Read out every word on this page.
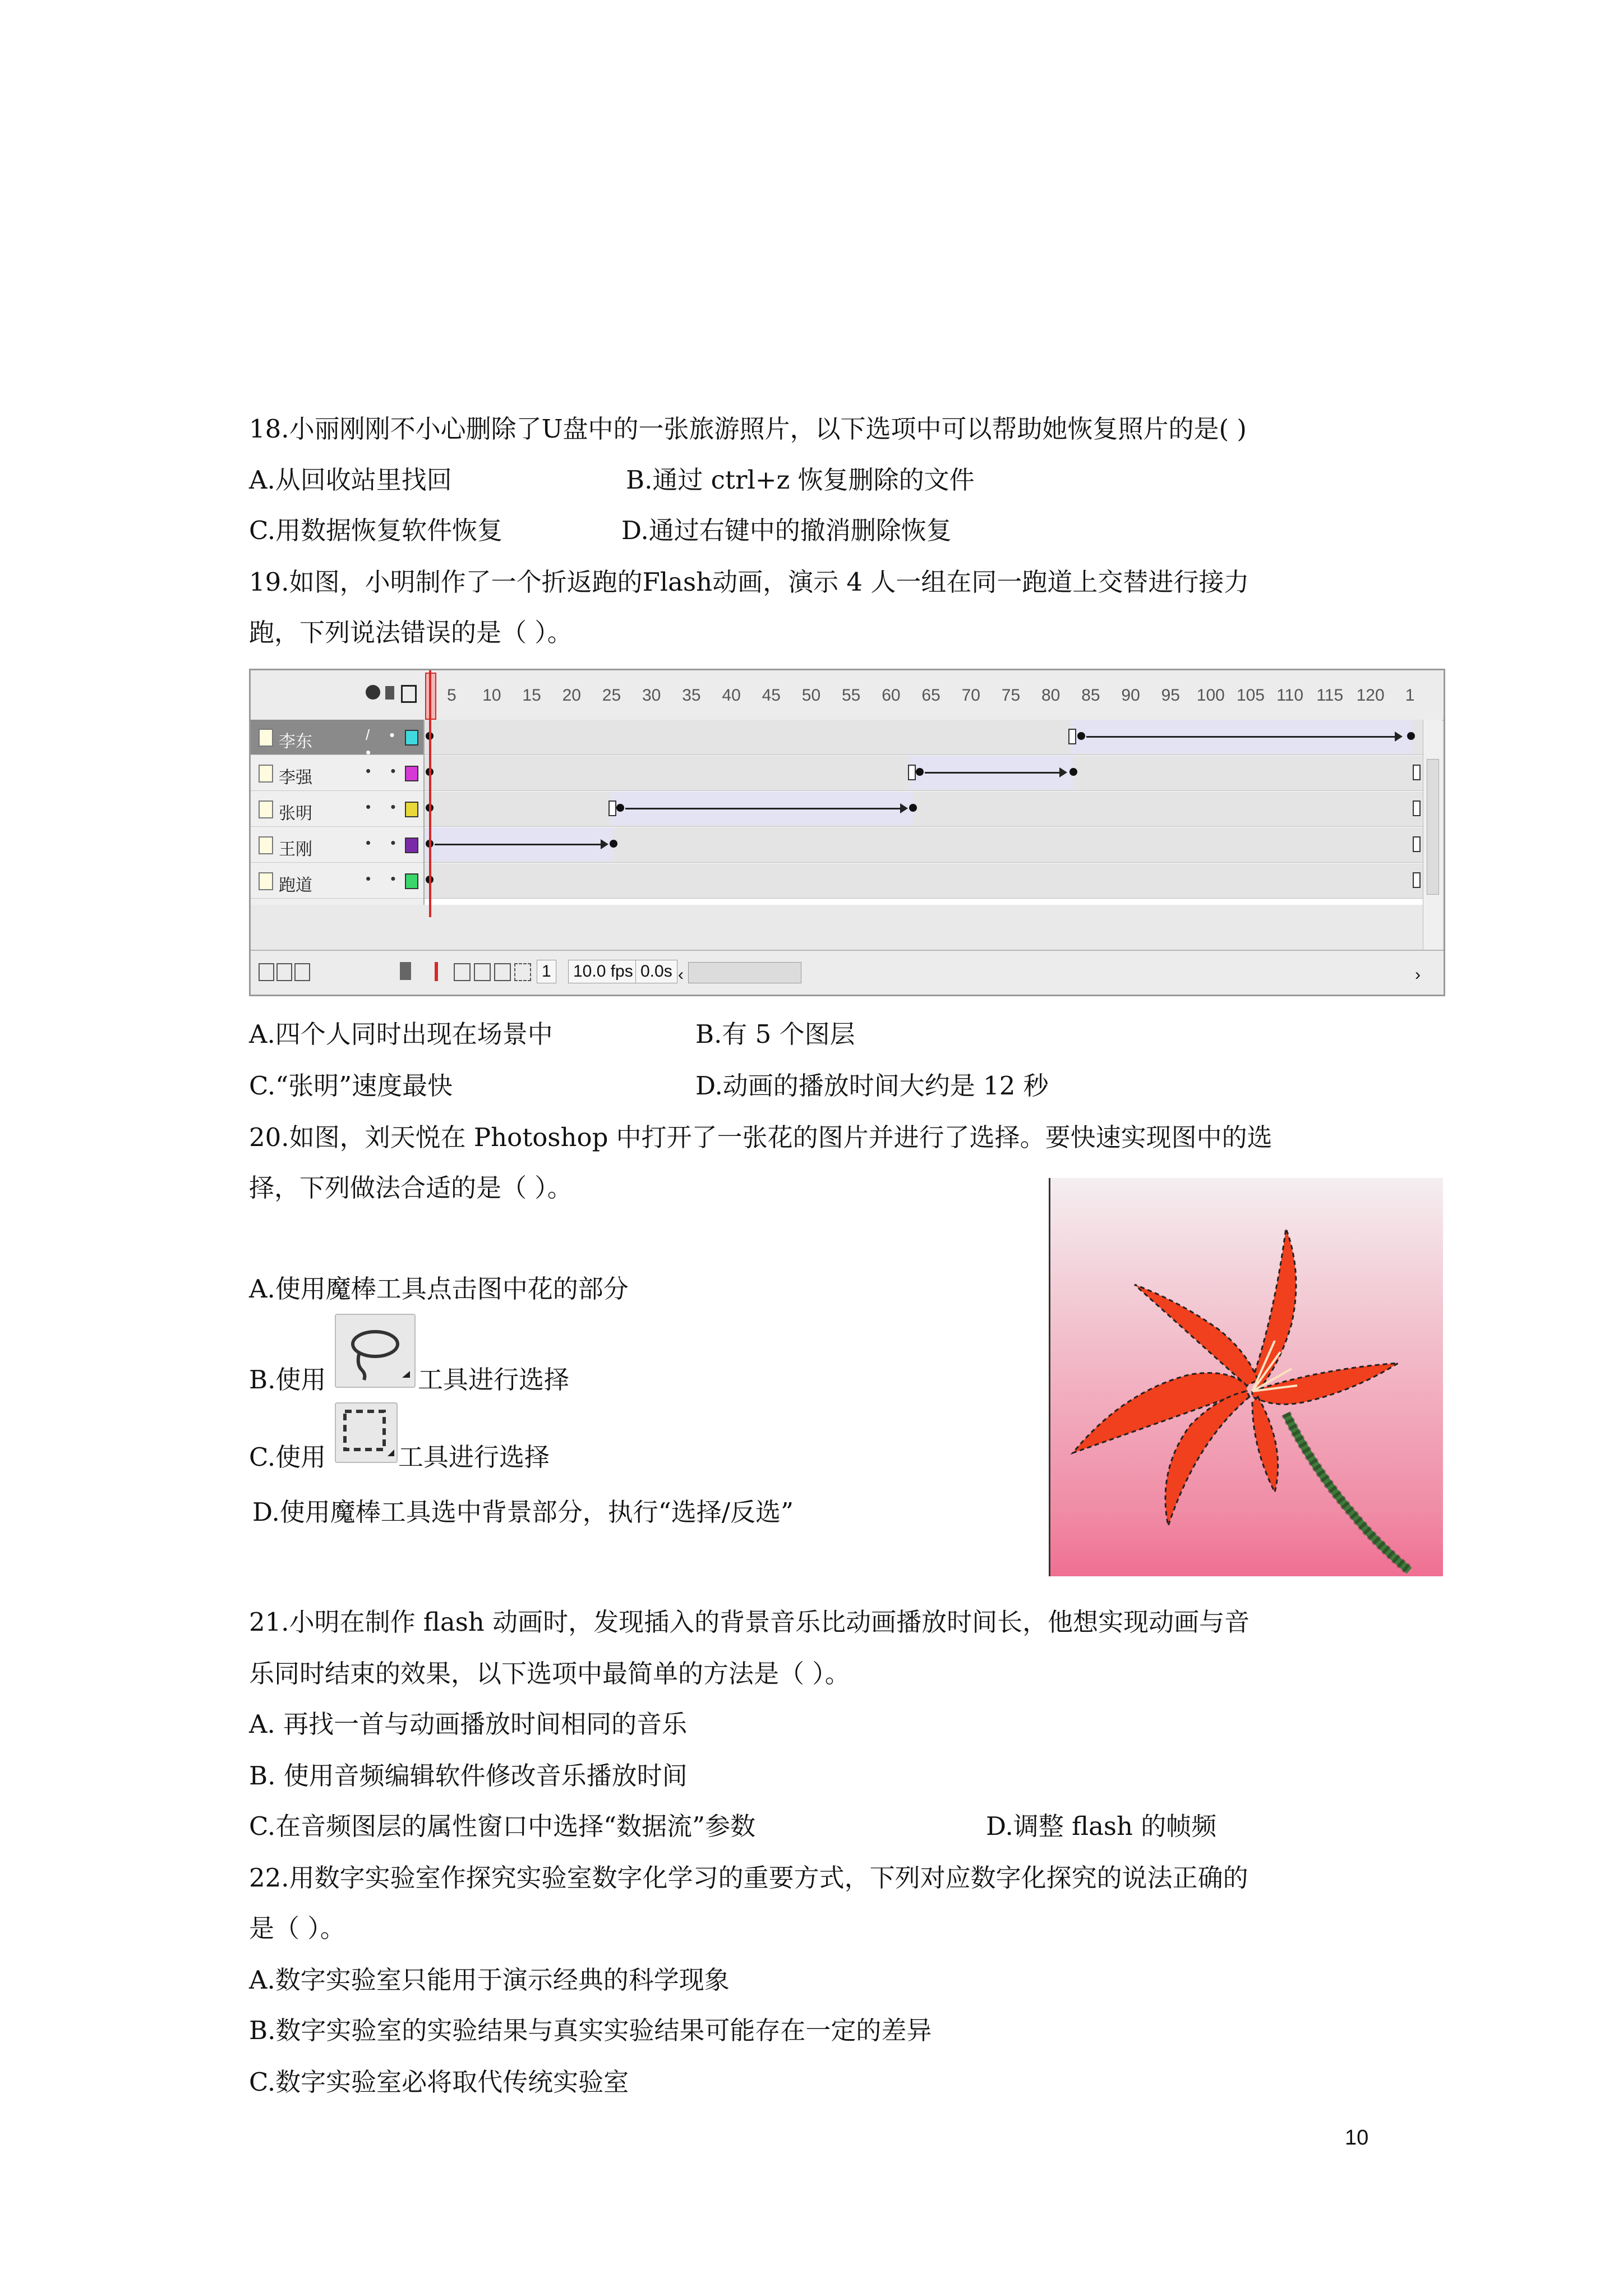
18.小丽刚刚不小心删除了U盘中的一张旅游照片，以下选项中可以帮助她恢复照片的是( )
A.从回收站里找回	B.通过 ctrl+z 恢复删除的文件
C.用数据恢复软件恢复	D.通过右键中的撤消删除恢复
19.如图，小明制作了一个折返跑的Flash动画，演示 4 人一组在同一跑道上交替进行接力
跑，下列说法错误的是（ ）。
5 10 15 20 25 30 35 40 45 50 55 60 65 70 75 80 85 90 95 100 105 110 115 120 1
李东	/ • •
李强	• •
张明	• •
王刚	• •
跑道	• •
1	10.0 fps 0.0s ‹	›
A.四个人同时出现在场景中	B.有 5 个图层
C.“张明”速度最快	D.动画的播放时间大约是 12 秒
20.如图，刘天悦在 Photoshop 中打开了一张花的图片并进行了选择。要快速实现图中的选
择，下列做法合适的是（ ）。
A.使用魔棒工具点击图中花的部分
B.使用	工具进行选择
C.使用	工具进行选择
D.使用魔棒工具选中背景部分，执行“选择/反选”
21.小明在制作 flash 动画时，发现插入的背景音乐比动画播放时间长，他想实现动画与音
乐同时结束的效果，以下选项中最简单的方法是（ ）。
A. 再找一首与动画播放时间相同的音乐
B. 使用音频编辑软件修改音乐播放时间
C.在音频图层的属性窗口中选择“数据流”参数	D.调整 flash 的帧频
22.用数字实验室作探究实验室数字化学习的重要方式，下列对应数字化探究的说法正确的
是（ ）。
A.数字实验室只能用于演示经典的科学现象
B.数字实验室的实验结果与真实实验结果可能存在一定的差异
C.数字实验室必将取代传统实验室
10
